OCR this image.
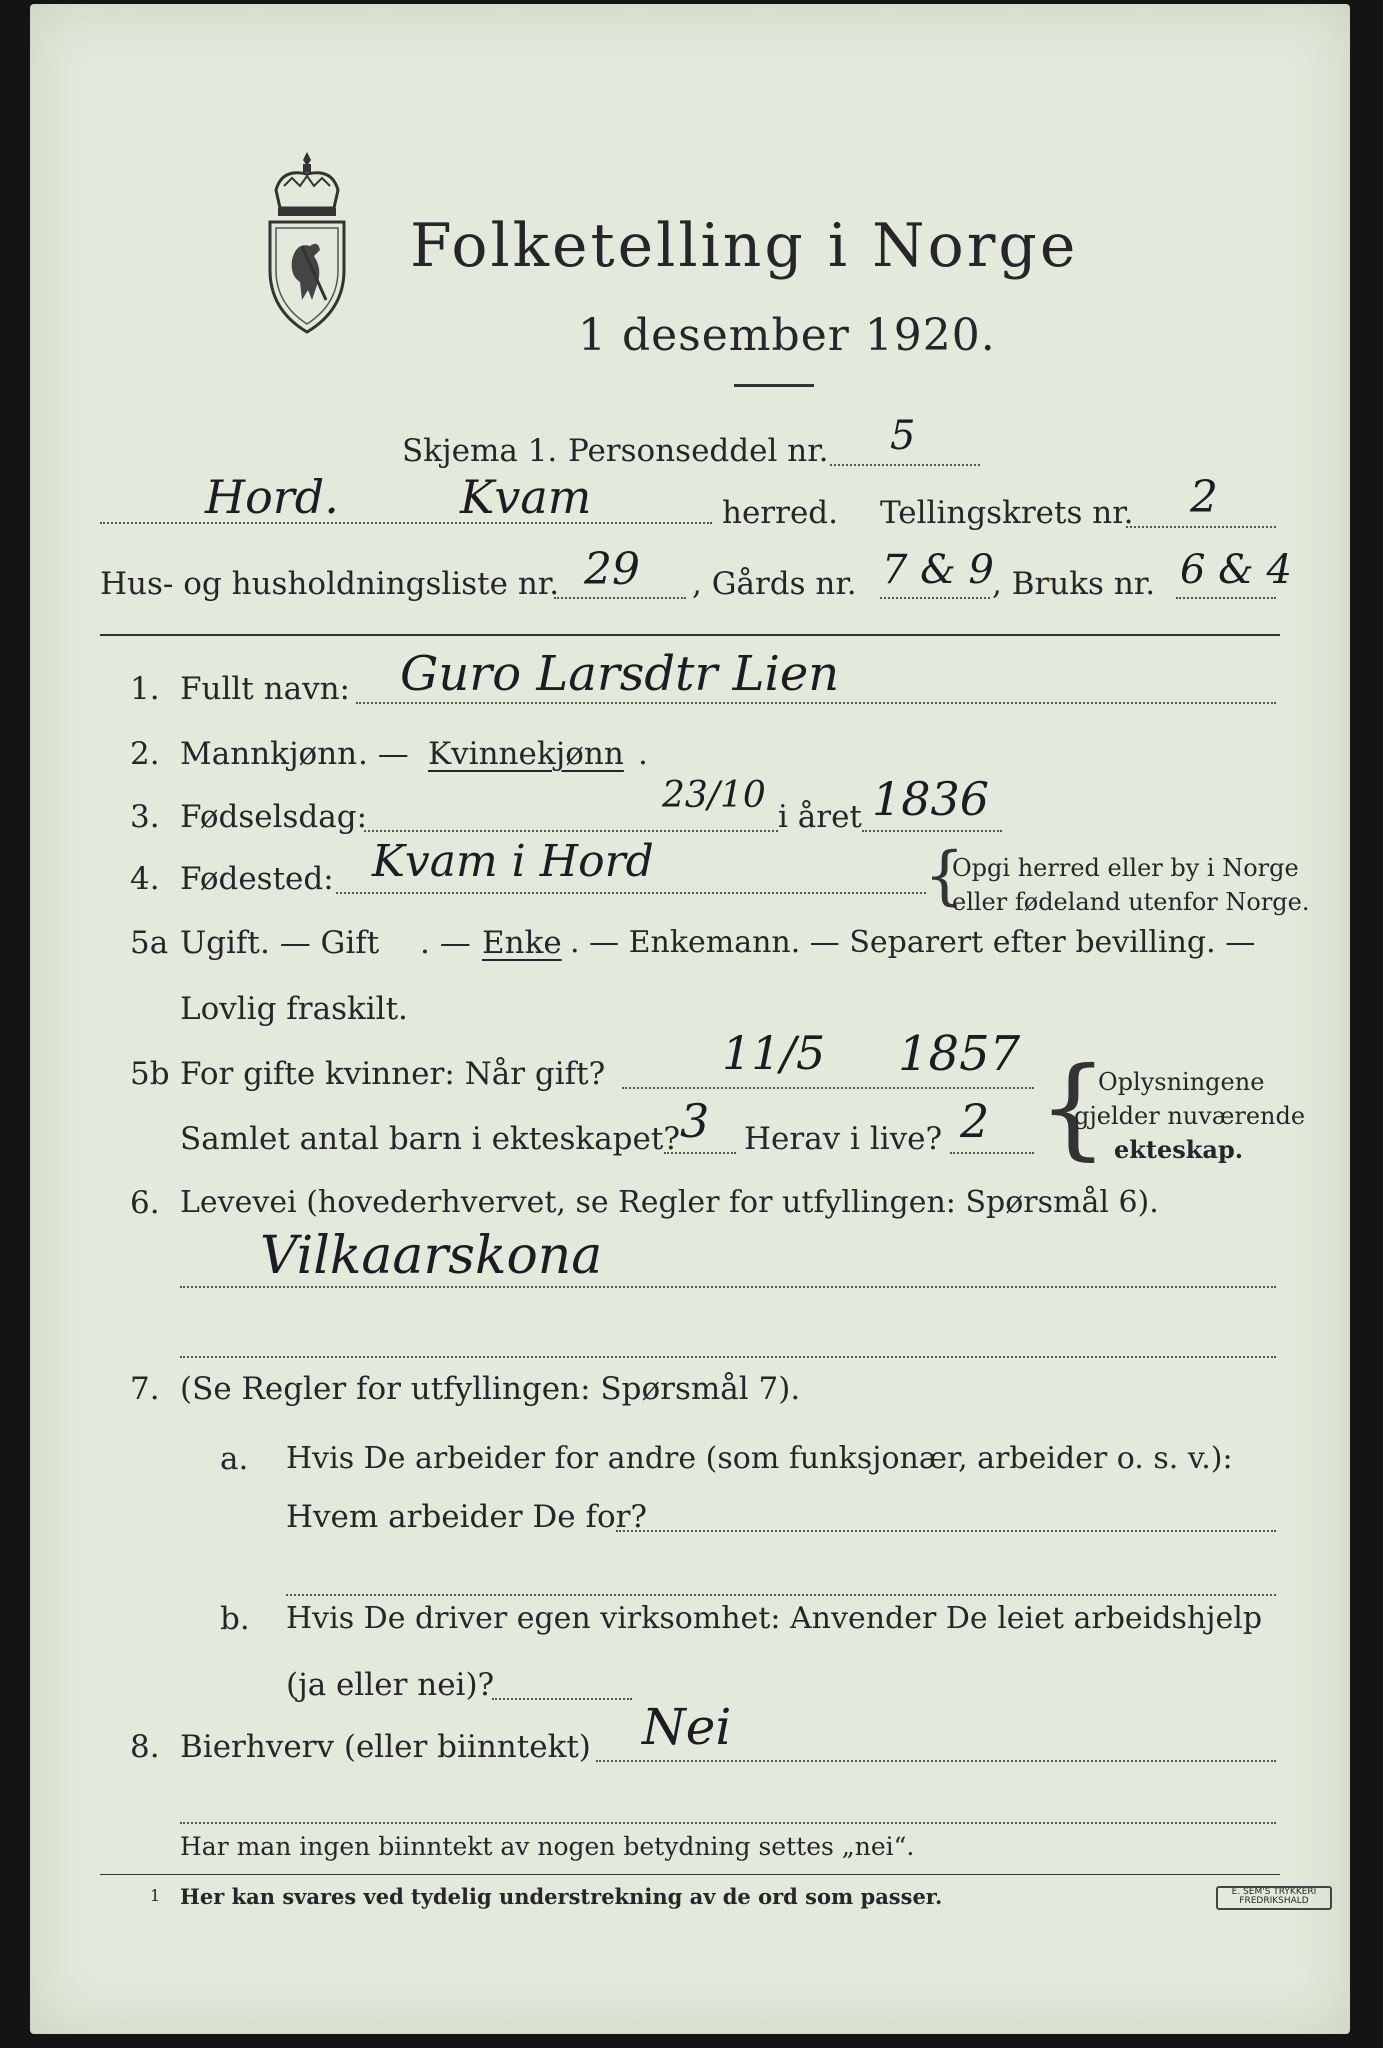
Folketelling i Norge
1 desember 1920.
Skjema 1. Personseddel nr. 5
Hord.	Kvam	herred. Tellingskrets nr. 2
Hus- og husholdningsliste nr. 29 , Gårds nr. 7 & 9
, Bruks nr. 6 & 4
1. Fullt navn: Guro Larsdtr Lien
2. Mannkjønn . — Kvinnekjønn .
3. Fødselsdag:
23/10
i året 1836
4. Fødested: Kvam i Hord	{
Opgi herred eller by i Norge
eller fødeland utenfor Norge.
5a Ugift . — Gift . — Enke . — Enkemann. — Separert efter bevilling. —
Lovlig fraskilt.
5b For gifte kvinner: Når gift?	11/5 1857
Samlet antal barn i ekteskapet? 3 Herav i live? 2 {
Oplysningene
gjelder nuværende
ekteskap.
6. Levevei (hovederhvervet, se Regler for utfyllingen: Spørsmål 6).
Vilkaarskona
7. (Se Regler for utfyllingen: Spørsmål 7).
a. Hvis De arbeider for andre (som funksjonær, arbeider o. s. v.):
Hvem arbeider De for?
b. Hvis De driver egen virksomhet: Anvender De leiet arbeidshjelp
(ja eller nei)?
8. Bierhverv (eller biinntekt) Nei
Har man ingen biinntekt av nogen betydning settes „nei“.
1 Her kan svares ved tydelig understrekning av de ord som passer.	E. SEM'S TRYKKERI
FREDRIKSHALD
